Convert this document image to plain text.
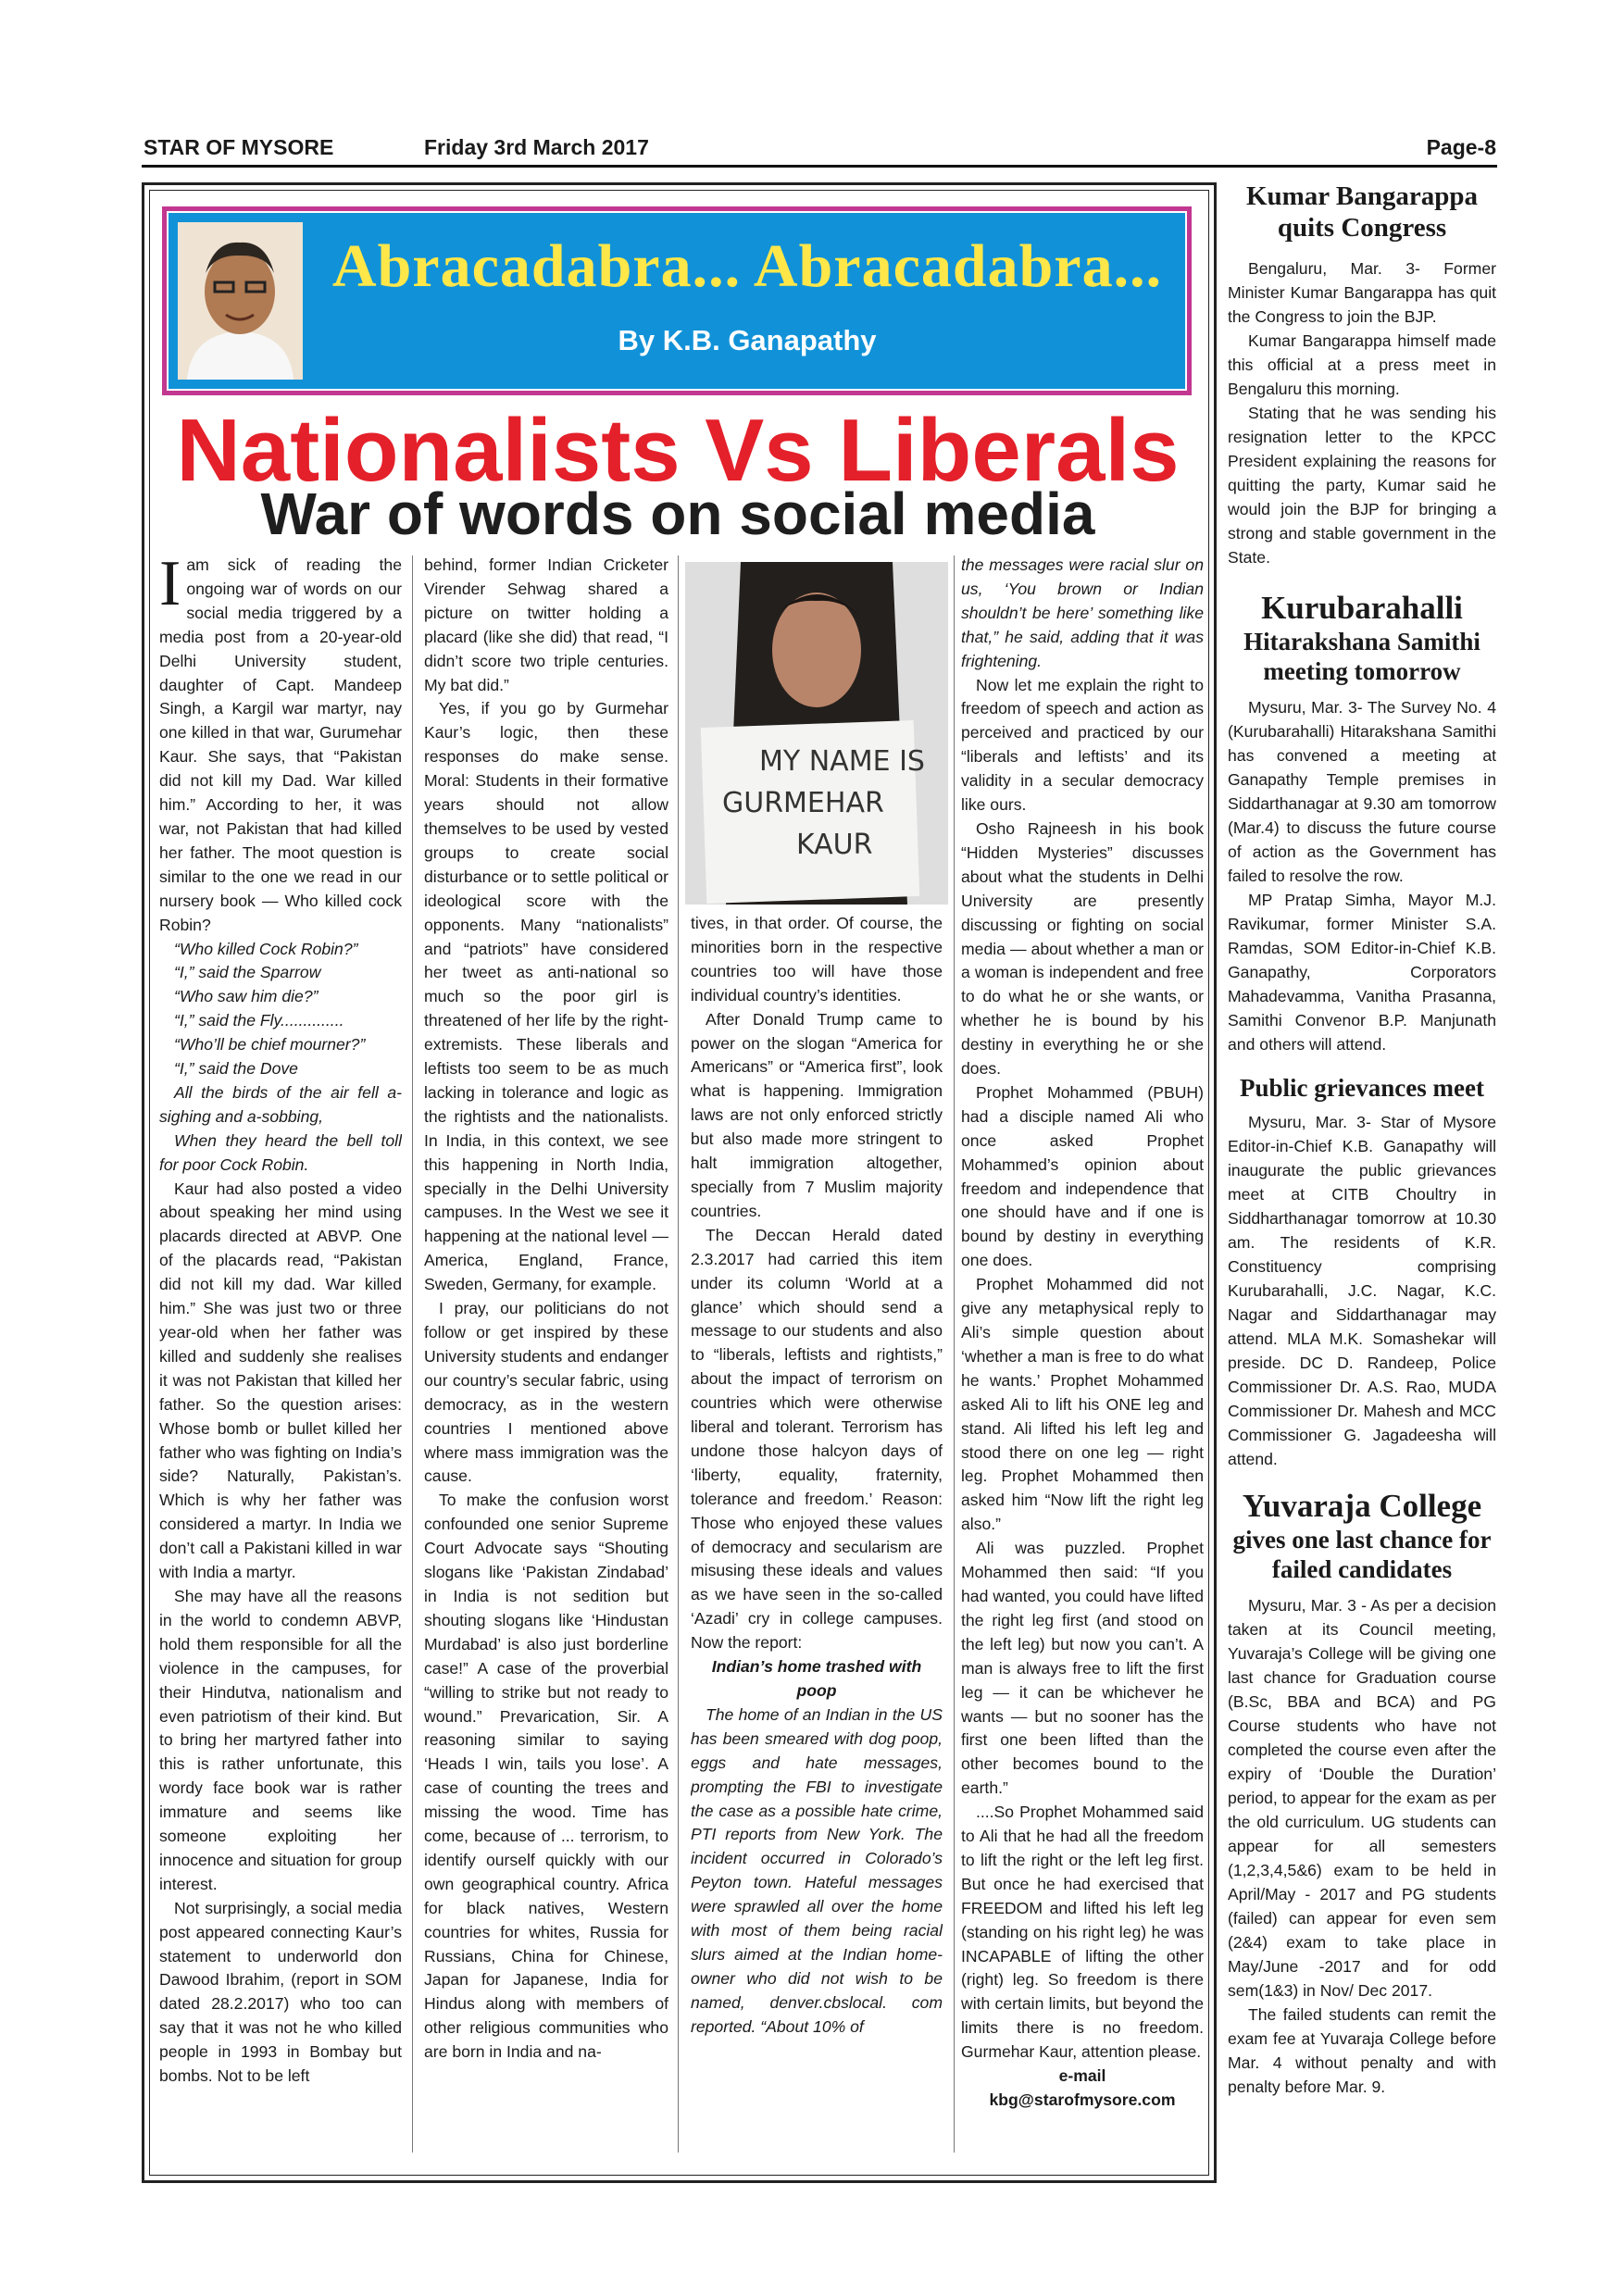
STAR OF MYSORE	Friday 3rd March 2017	Page-8
Abracadabra... Abracadabra...
By K.B. Ganapathy
Nationalists Vs Liberals
War of words on social media
I am sick of reading the ongoing war of words on our social media triggered by a media post from a 20-year-old Delhi University student, daughter of Capt. Mandeep Singh, a Kargil war martyr, nay one killed in that war, Gurumehar Kaur. She says, that “Pakistan did not kill my Dad. War killed him.” According to her, it was war, not Pakistan that had killed her father. The moot question is similar to the one we read in our nursery book — Who killed cock Robin?

“Who killed Cock Robin?”

“I,” said the Sparrow

“Who saw him die?”

“I,” said the Fly..............

“Who’ll be chief mourner?”

“I,” said the Dove

All the birds of the air fell a-sighing and a-sobbing,

When they heard the bell toll for poor Cock Robin.

Kaur had also posted a video about speaking her mind using placards directed at ABVP. One of the placards read, “Pakistan did not kill my dad. War killed him.” She was just two or three year-old when her father was killed and suddenly she realises it was not Pakistan that killed her father. So the question arises: Whose bomb or bullet killed her father who was fighting on India’s side? Naturally, Pakistan’s. Which is why her father was considered a martyr. In India we don’t call a Pakistani killed in war with India a martyr.

She may have all the reasons in the world to condemn ABVP, hold them responsible for all the violence in the campuses, for their Hindutva, nationalism and even patriotism of their kind. But to bring her martyred father into this is rather unfortunate, this wordy face book war is rather immature and seems like someone exploiting her innocence and situation for group interest.

Not surprisingly, a social media post appeared connecting Kaur’s statement to underworld don Dawood Ibrahim, (report in SOM dated 28.2.2017) who too can say that it was not he who killed people in 1993 in Bombay but bombs. Not to be left

behind, former Indian Cricketer Virender Sehwag shared a picture on twitter holding a placard (like she did) that read, “I didn’t score two triple centuries. My bat did.”

Yes, if you go by Gurmehar Kaur’s logic, then these responses do make sense. Moral: Students in their formative years should not allow themselves to be used by vested groups to create social disturbance or to settle political or ideological score with the opponents. Many “nationalists” and “patriots” have considered her tweet as anti-national so much so the poor girl is threatened of her life by the right-extremists. These liberals and leftists too seem to be as much lacking in tolerance and logic as the rightists and the nationalists. In India, in this context, we see this happening in North India, specially in the Delhi University campuses. In the West we see it happening at the national level — America, England, France, Sweden, Germany, for example.

I pray, our politicians do not follow or get inspired by these University students and endanger our country’s secular fabric, using democracy, as in the western countries I mentioned above where mass immigration was the cause.

To make the confusion worst confounded one senior Supreme Court Advocate says “Shouting slogans like ‘Pakistan Zindabad’ in India is not sedition but shouting slogans like ‘Hindustan Murdabad’ is also just borderline case!” A case of the proverbial “willing to strike but not ready to wound.” Prevarication, Sir. A reasoning similar to saying ‘Heads I win, tails you lose’. A case of counting the trees and missing the wood. Time has come, because of ... terrorism, to identify ourself quickly with our own geographical country. Africa for black natives, Western countries for whites, Russia for Russians, China for Chinese, Japan for Japanese, India for Hindus along with members of other religious communities who are born in India and na-

MY NAME IS
GURMEHAR
KAUR

tives, in that order. Of course, the minorities born in the respective countries too will have those individual country’s identities.

After Donald Trump came to power on the slogan “America for Americans” or “America first”, look what is happening. Immigration laws are not only enforced strictly but also made more stringent to halt immigration altogether, specially from 7 Muslim majority countries.

The Deccan Herald dated 2.3.2017 had carried this item under its column ‘World at a glance’ which should send a message to our students and also to “liberals, leftists and rightists,” about the impact of terrorism on countries which were otherwise liberal and tolerant. Terrorism has undone those halcyon days of ‘liberty, equality, fraternity, tolerance and freedom.’ Reason: Those who enjoyed these values of democracy and secularism are misusing these ideals and values as we have seen in the so-called ‘Azadi’ cry in college campuses. Now the report:

Indian’s home trashed with poop

The home of an Indian in the US has been smeared with dog poop, eggs and hate messages, prompting the FBI to investigate the case as a possible hate crime, PTI reports from New York. The incident occurred in Colorado’s Peyton town. Hateful messages were sprawled all over the home with most of them being racial slurs aimed at the Indian home-owner who did not wish to be named, denver.cbslocal. com reported. “About 10% of

the messages were racial slur on us, ‘You brown or Indian shouldn’t be here’ something like that,” he said, adding that it was frightening.

Now let me explain the right to freedom of speech and action as perceived and practiced by our “liberals and leftists’ and its validity in a secular democracy like ours.

Osho Rajneesh in his book “Hidden Mysteries” discusses about what the students in Delhi University are presently discussing or fighting on social media — about whether a man or a woman is independent and free to do what he or she wants, or whether he is bound by his destiny in everything he or she does.

Prophet Mohammed (PBUH) had a disciple named Ali who once asked Prophet Mohammed’s opinion about freedom and independence that one should have and if one is bound by destiny in everything one does.

Prophet Mohammed did not give any metaphysical reply to Ali’s simple question about ‘whether a man is free to do what he wants.’ Prophet Mohammed asked Ali to lift his ONE leg and stand. Ali lifted his left leg and stood there on one leg — right leg. Prophet Mohammed then asked him “Now lift the right leg also.”

Ali was puzzled. Prophet Mohammed then said: “If you had wanted, you could have lifted the right leg first (and stood on the left leg) but now you can’t. A man is always free to lift the first leg — it can be whichever he wants — but no sooner has the first one been lifted than the other becomes bound to the earth.”

....So Prophet Mohammed said to Ali that he had all the freedom to lift the right or the left leg first. But once he had exercised that FREEDOM and lifted his left leg (standing on his right leg) he was INCAPABLE of lifting the other (right) leg. So freedom is there with certain limits, but beyond the limits there is no freedom. Gurmehar Kaur, attention please.

e-mail

kbg@starofmysore.com

Kumar Bangarappa quits Congress

Bengaluru, Mar. 3- Former Minister Kumar Bangarappa has quit the Congress to join the BJP.

Kumar Bangarappa himself made this official at a press meet in Bengaluru this morning.

Stating that he was sending his resignation letter to the KPCC President explaining the reasons for quitting the party, Kumar said he would join the BJP for bringing a strong and stable government in the State.

Kurubarahalli
Hitarakshana Samithi meeting tomorrow

Mysuru, Mar. 3- The Survey No. 4 (Kurubarahalli) Hitarakshana Samithi has convened a meeting at Ganapathy Temple premises in Siddarthanagar at 9.30 am tomorrow (Mar.4) to discuss the future course of action as the Government has failed to resolve the row.

MP Pratap Simha, Mayor M.J. Ravikumar, former Minister S.A. Ramdas, SOM Editor-in-Chief K.B. Ganapathy, Corporators Mahadevamma, Vanitha Prasanna, Samithi Convenor B.P. Manjunath and others will attend.

Public grievances meet

Mysuru, Mar. 3- Star of Mysore Editor-in-Chief K.B. Ganapathy will inaugurate the public grievances meet at CITB Choultry in Siddharthanagar tomorrow at 10.30 am. The residents of K.R. Constituency comprising Kurubarahalli, J.C. Nagar, K.C. Nagar and Siddarthanagar may attend. MLA M.K. Somashekar will preside. DC D. Randeep, Police Commissioner Dr. A.S. Rao, MUDA Commissioner Dr. Mahesh and MCC Commissioner G. Jagadeesha will attend.

Yuvaraja College
gives one last chance for failed candidates

Mysuru, Mar. 3 - As per a decision taken at its Council meeting, Yuvaraja’s College will be giving one last chance for Graduation course (B.Sc, BBA and BCA) and PG Course students who have not completed the course even after the expiry of ‘Double the Duration’ period, to appear for the exam as per the old curriculum. UG students can appear for all semesters (1,2,3,4,5&6) exam to be held in April/May - 2017 and PG students (failed) can appear for even sem (2&4) exam to take place in May/June -2017 and for odd sem(1&3) in Nov/ Dec 2017.

The failed students can remit the exam fee at Yuvaraja College before Mar. 4 without penalty and with penalty before Mar. 9.
